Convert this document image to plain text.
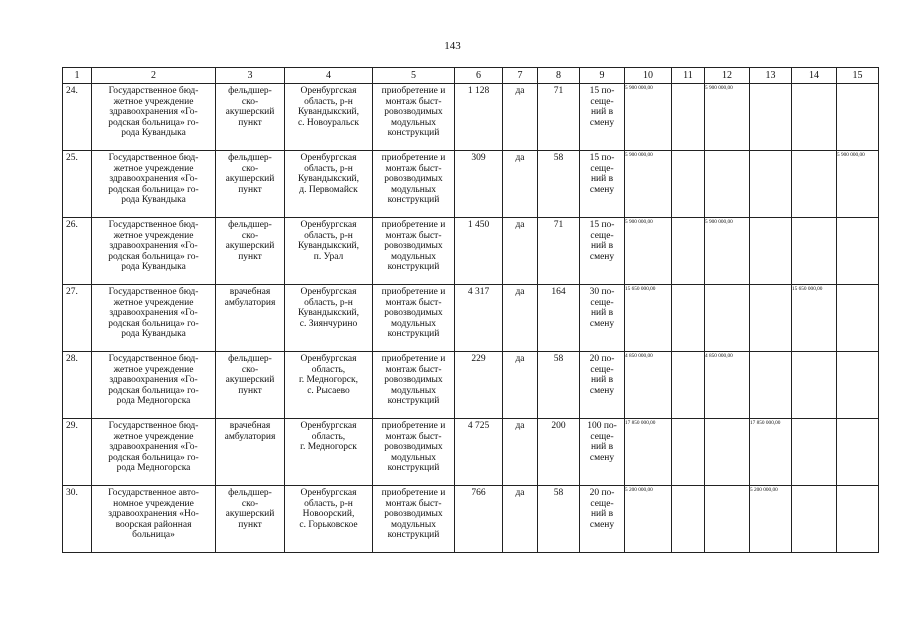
143
1	2	3	4	5	6	7	8	9	10	11	12	13	14	15
24.	Государственное бюд-
жетное учреждение
здравоохранения «Го-
родская больница» го-
рода Кувандыка	фельдшер-
ско-
акушерский
пункт	Оренбургская
область, р-н
Кувандыкский,
с. Новоуральск	приобретение и
монтаж быст-
ровозводимых
модульных
конструкций	1 128	да	71	15 по-
сеще-
ний в
смену	5 900 000,00		5 900 000,00			
25.	Государственное бюд-
жетное учреждение
здравоохранения «Го-
родская больница» го-
рода Кувандыка	фельдшер-
ско-
акушерский
пункт	Оренбургская
область, р-н
Кувандыкский,
д. Первомайск	приобретение и
монтаж быст-
ровозводимых
модульных
конструкций	309	да	58	15 по-
сеще-
ний в
смену	5 900 000,00					5 900 000,00
26.	Государственное бюд-
жетное учреждение
здравоохранения «Го-
родская больница» го-
рода Кувандыка	фельдшер-
ско-
акушерский
пункт	Оренбургская
область, р-н
Кувандыкский,
п. Урал	приобретение и
монтаж быст-
ровозводимых
модульных
конструкций	1 450	да	71	15 по-
сеще-
ний в
смену	5 900 000,00		5 900 000,00			
27.	Государственное бюд-
жетное учреждение
здравоохранения «Го-
родская больница» го-
рода Кувандыка	врачебная
амбулатория	Оренбургская
область, р-н
Кувандыкский,
с. Зиянчурино	приобретение и
монтаж быст-
ровозводимых
модульных
конструкций	4 317	да	164	30 по-
сеще-
ний в
смену	15 650 000,00				15 650 000,00	
28.	Государственное бюд-
жетное учреждение
здравоохранения «Го-
родская больница» го-
рода Медногорска	фельдшер-
ско-
акушерский
пункт	Оренбургская
область,
г. Медногорск,
с. Рысаево	приобретение и
монтаж быст-
ровозводимых
модульных
конструкций	229	да	58	20 по-
сеще-
ний в
смену	4 850 000,00		4 850 000,00			
29.	Государственное бюд-
жетное учреждение
здравоохранения «Го-
родская больница» го-
рода Медногорска	врачебная
амбулатория	Оренбургская
область,
г. Медногорск	приобретение и
монтаж быст-
ровозводимых
модульных
конструкций	4 725	да	200	100 по-
сеще-
ний в
смену	17 850 000,00			17 850 000,00		
30.	Государственное авто-
номное учреждение
здравоохранения «Но-
воорская районная
больница»	фельдшер-
ско-
акушерский
пункт	Оренбургская
область, р-н
Новоорский,
с. Горьковское	приобретение и
монтаж быст-
ровозводимых
модульных
конструкций	766	да	58	20 по-
сеще-
ний в
смену	5 200 000,00			5 200 000,00		
